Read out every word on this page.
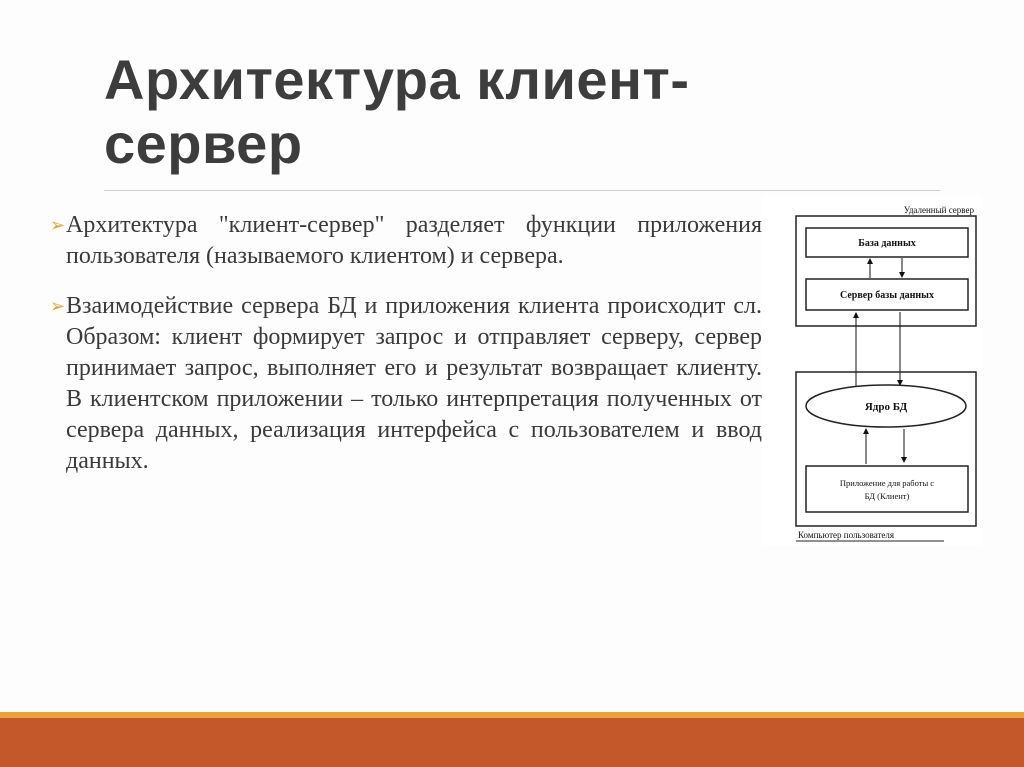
Архитектура клиент-
сервер
➢ Архитектура "клиент-сервер" разделяет функции приложения пользователя (называемого клиентом) и сервера.
➢ Взаимодействие сервера БД и приложения клиента происходит сл. Образом: клиент формирует запрос и отправляет серверу, сервер принимает запрос, выполняет его и результат возвращает клиенту. В клиентском приложении – только интерпретация полученных от сервера данных, реализация интерфейса с пользователем и ввод данных.
Удаленный сервер
База данных
Сервер базы данных
Компьютер пользователя
Ядро БД
Приложение для работы с
БД (Клиент)
